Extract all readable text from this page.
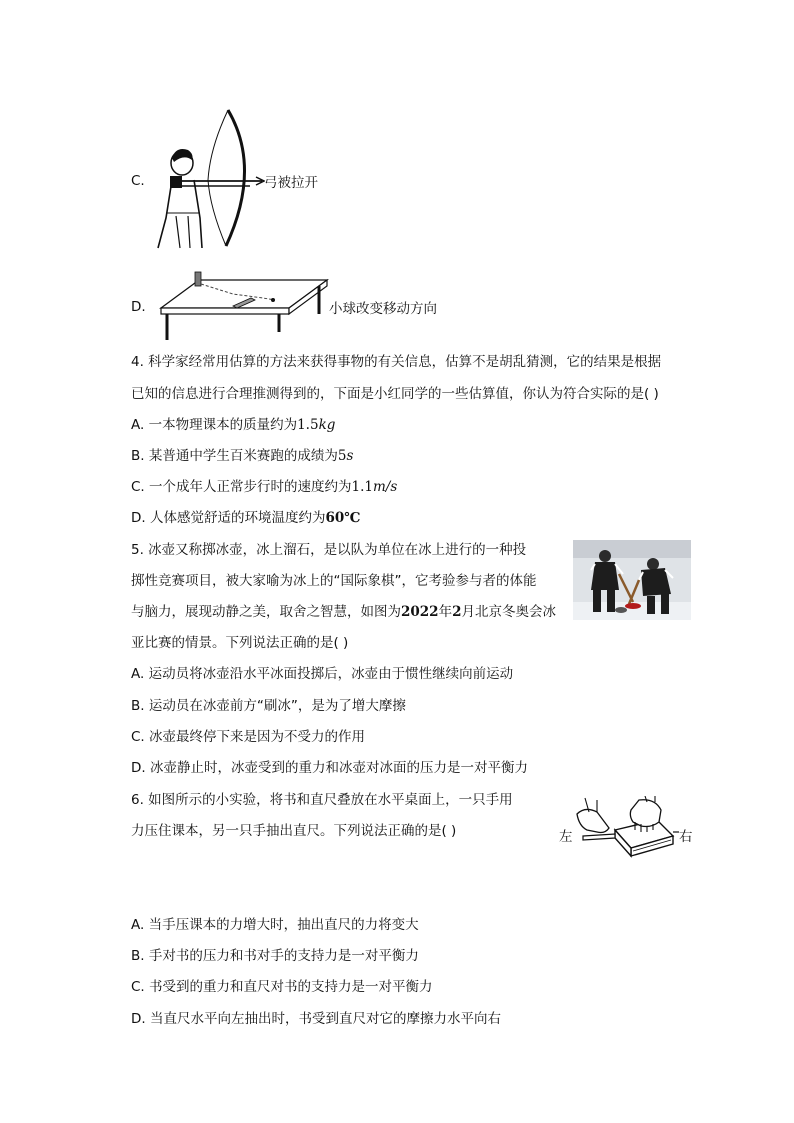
C.	弓被拉开
D.	小球改变移动方向
4. 科学家经常用估算的方法来获得事物的有关信息，估算不是胡乱猜测，它的结果是根据
已知的信息进行合理推测得到的，下面是小红同学的一些估算值，你认为符合实际的是( )
A. 一本物理课本的质量约为1.5kg
B. 某普通中学生百米赛跑的成绩为5s
C. 一个成年人正常步行时的速度约为1.1m/s
D. 人体感觉舒适的环境温度约为60℃
5. 冰壶又称掷冰壶，冰上溜石，是以队为单位在冰上进行的一种投
掷性竞赛项目，被大家喻为冰上的“国际象棋”，它考验参与者的体能
与脑力，展现动静之美，取舍之智慧，如图为2022年2月北京冬奥会冰
亚比赛的情景。下列说法正确的是( )
A. 运动员将冰壶沿水平冰面投掷后，冰壶由于惯性继续向前运动
B. 运动员在冰壶前方“刷冰”，是为了增大摩擦
C. 冰壶最终停下来是因为不受力的作用
D. 冰壶静止时，冰壶受到的重力和冰壶对冰面的压力是一对平衡力
6. 如图所示的小实验，将书和直尺叠放在水平桌面上，一只手用
力压住课本，另一只手抽出直尺。下列说法正确的是( )	左	右
A. 当手压课本的力增大时，抽出直尺的力将变大
B. 手对书的压力和书对手的支持力是一对平衡力
C. 书受到的重力和直尺对书的支持力是一对平衡力
D. 当直尺水平向左抽出时，书受到直尺对它的摩擦力水平向右
